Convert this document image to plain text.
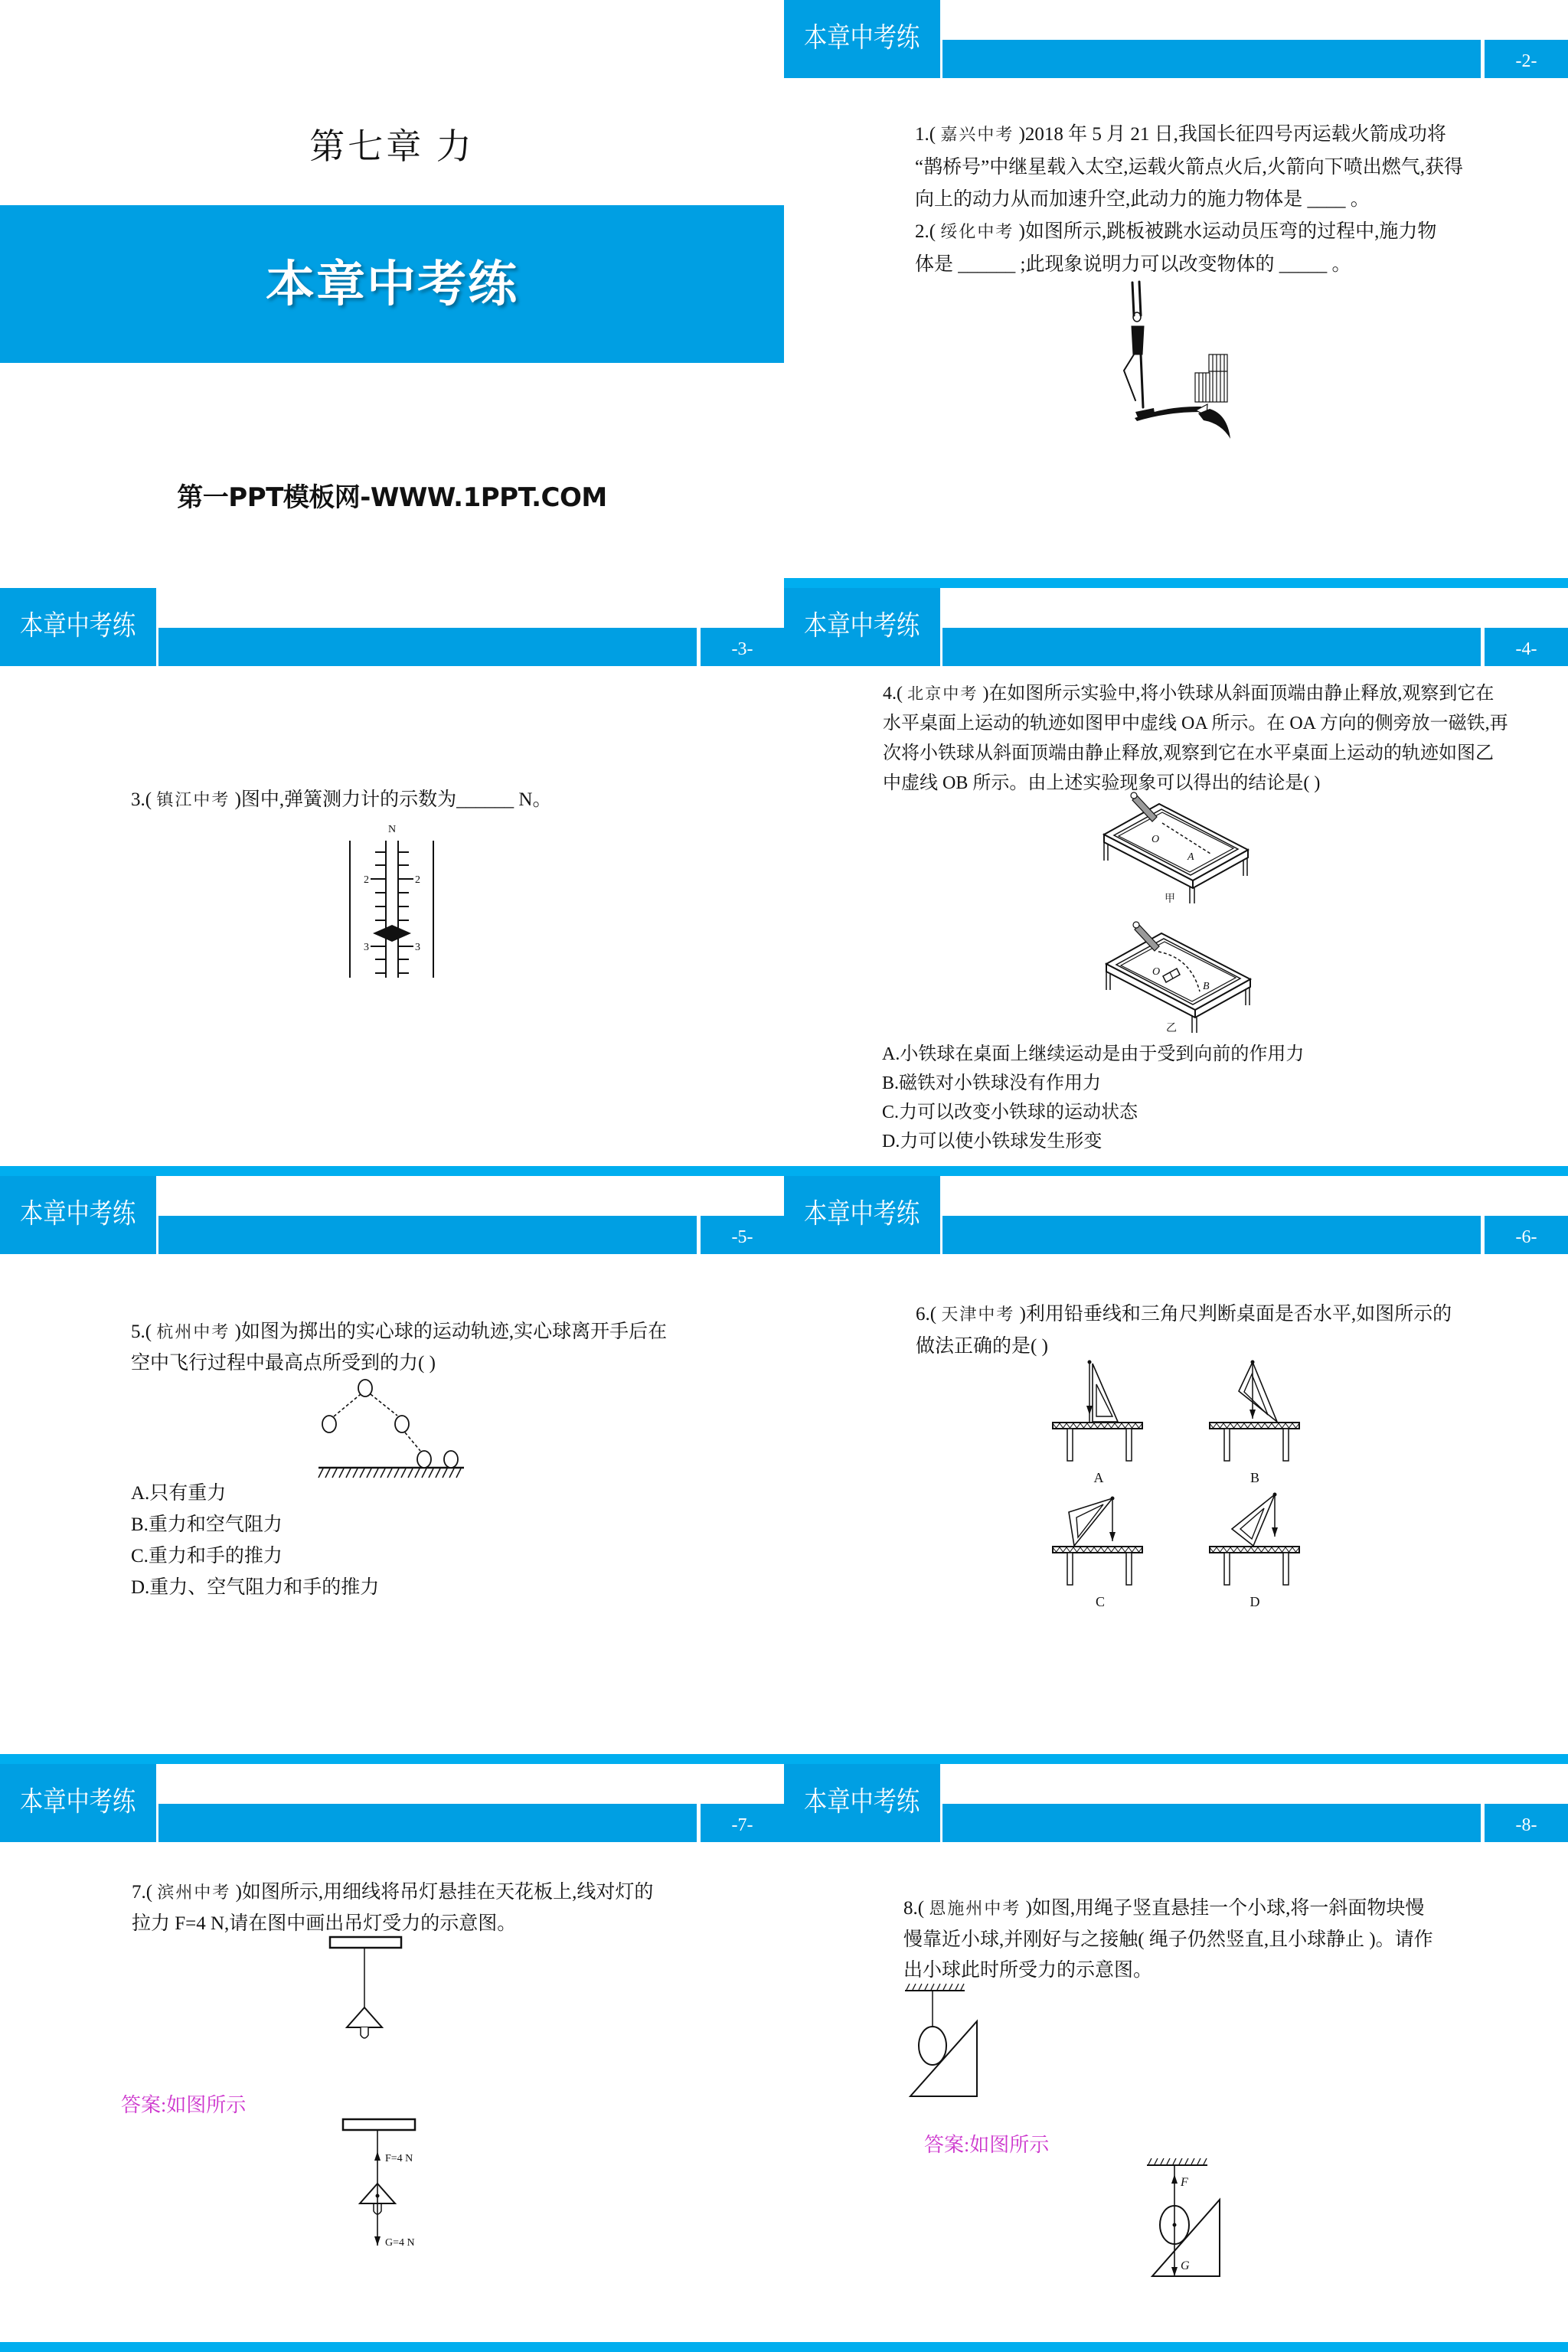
第七章 力
本章中考练
第一PPT模板网-WWW.1PPT.COM
本章中考练
-2-
1.( 嘉兴中考 )2018 年 5 月 21 日,我国长征四号丙运载火箭成功将
“鹊桥号”中继星载入太空,运载火箭点火后,火箭向下喷出燃气,获得
向上的动力从而加速升空,此动力的施力物体是 ____ 。
2.( 绥化中考 )如图所示,跳板被跳水运动员压弯的过程中,施力物
体是 ______ ;此现象说明力可以改变物体的 _____ 。
本章中考练
-3-
3.( 镇江中考 )图中,弹簧测力计的示数为______ N。
N
2	2
3	3
本章中考练
-4-
4.( 北京中考 )在如图所示实验中,将小铁球从斜面顶端由静止释放,观察到它在
水平桌面上运动的轨迹如图甲中虚线 OA 所示。在 OA 方向的侧旁放一磁铁,再
次将小铁球从斜面顶端由静止释放,观察到它在水平桌面上运动的轨迹如图乙
中虚线 OB 所示。由上述实验现象可以得出的结论是( )
O
A
甲
O
B
乙
A.小铁球在桌面上继续运动是由于受到向前的作用力
B.磁铁对小铁球没有作用力
C.力可以改变小铁球的运动状态
D.力可以使小铁球发生形变
本章中考练
-5-
5.( 杭州中考 )如图为掷出的实心球的运动轨迹,实心球离开手后在
空中飞行过程中最高点所受到的力( )
A.只有重力
B.重力和空气阻力
C.重力和手的推力
D.重力、空气阻力和手的推力
本章中考练
-6-
6.( 天津中考 )利用铅垂线和三角尺判断桌面是否水平,如图所示的
做法正确的是( )
A	B
C	D
本章中考练
-7-
7.( 滨州中考 )如图所示,用细线将吊灯悬挂在天花板上,线对灯的
拉力 F=4 N,请在图中画出吊灯受力的示意图。
答案:如图所示
F=4 N
G=4 N
本章中考练
-8-
8.( 恩施州中考 )如图,用绳子竖直悬挂一个小球,将一斜面物块慢
慢靠近小球,并刚好与之接触( 绳子仍然竖直,且小球静止 )。请作
出小球此时所受力的示意图。
答案:如图所示
F
G
